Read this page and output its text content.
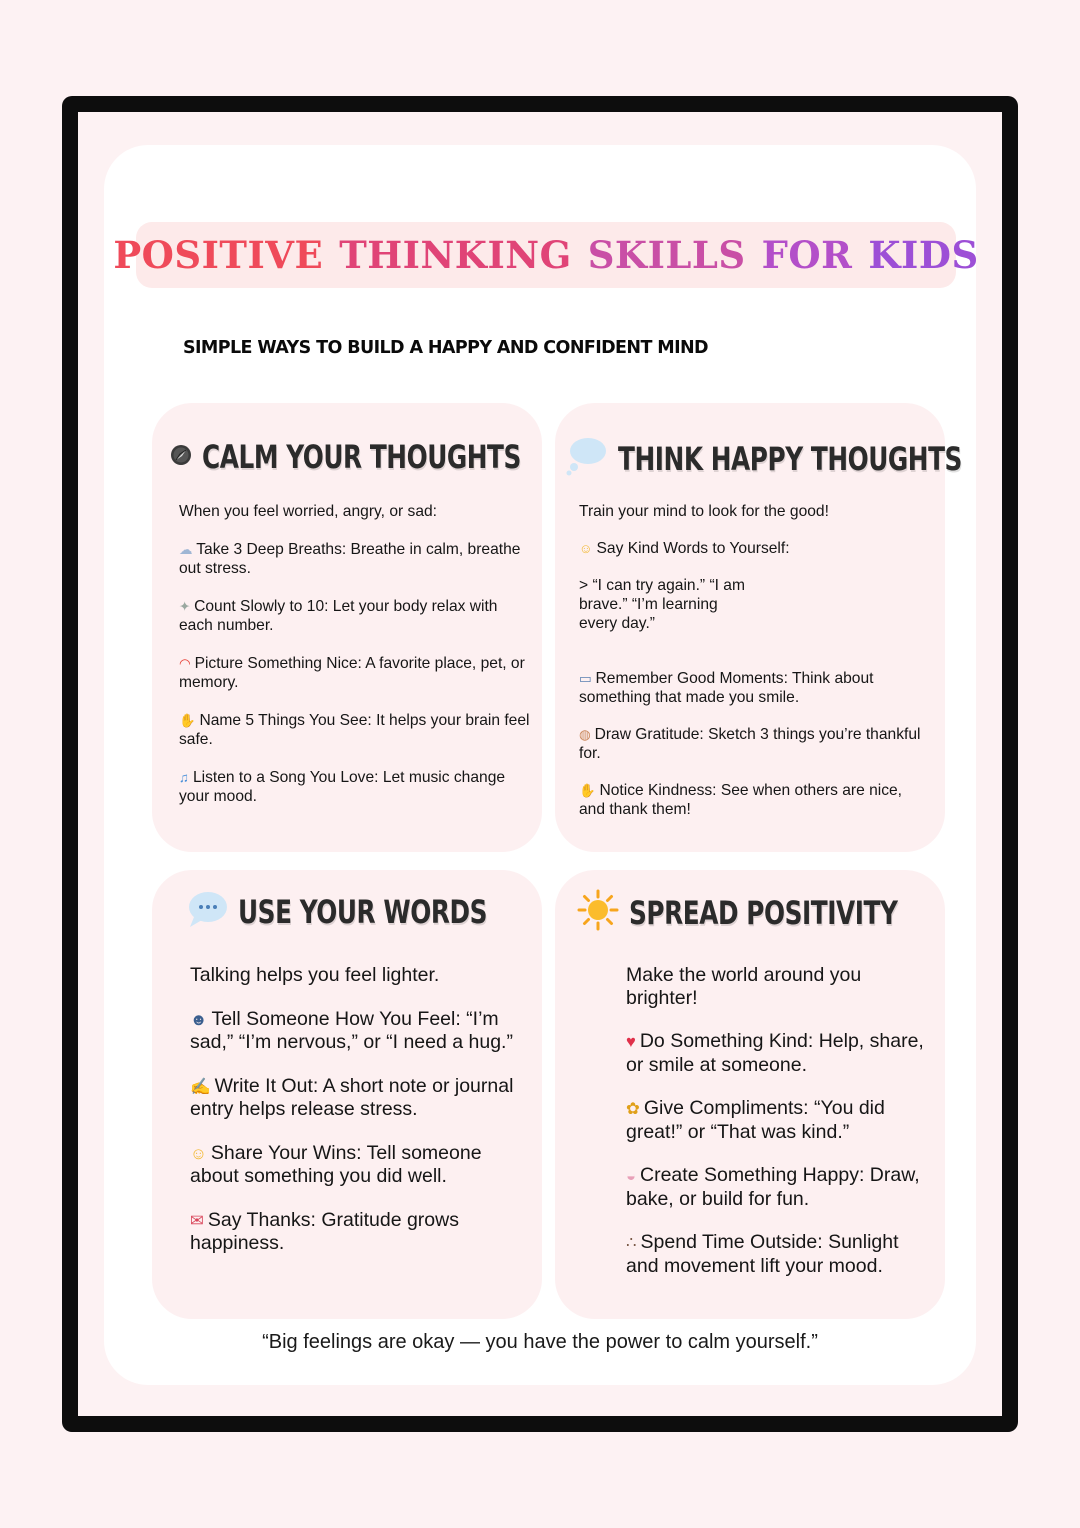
POSITIVE THINKING SKILLS FOR KIDS
SIMPLE WAYS TO BUILD A HAPPY AND CONFIDENT MIND
CALM YOUR THOUGHTS
When you feel worried, angry, or sad:
☁ Take 3 Deep Breaths: Breathe in calm, breathe out stress.
✦ Count Slowly to 10: Let your body relax with each number.
◠ Picture Something Nice: A favorite place, pet, or memory.
✋ Name 5 Things You See: It helps your brain feel safe.
♫ Listen to a Song You Love: Let music change your mood.
THINK HAPPY THOUGHTS
Train your mind to look for the good!
☺ Say Kind Words to Yourself:
> “I can try again.” “I am brave.” “I’m learning every day.”
▭ Remember Good Moments: Think about something that made you smile.
◍ Draw Gratitude: Sketch 3 things you’re thankful for.
✋ Notice Kindness: See when others are nice, and thank them!
USE YOUR WORDS
Talking helps you feel lighter.
☻ Tell Someone How You Feel: “I’m sad,” “I’m nervous,” or “I need a hug.”
✍ Write It Out: A short note or journal entry helps release stress.
☺ Share Your Wins: Tell someone about something you did well.
✉ Say Thanks: Gratitude grows happiness.
SPREAD POSITIVITY
Make the world around you brighter!
♥ Do Something Kind: Help, share, or smile at someone.
✿ Give Compliments: “You did great!” or “That was kind.”
◒ Create Something Happy: Draw, bake, or build for fun.
∴ Spend Time Outside: Sunlight and movement lift your mood.
“Big feelings are okay — you have the power to calm yourself.”
